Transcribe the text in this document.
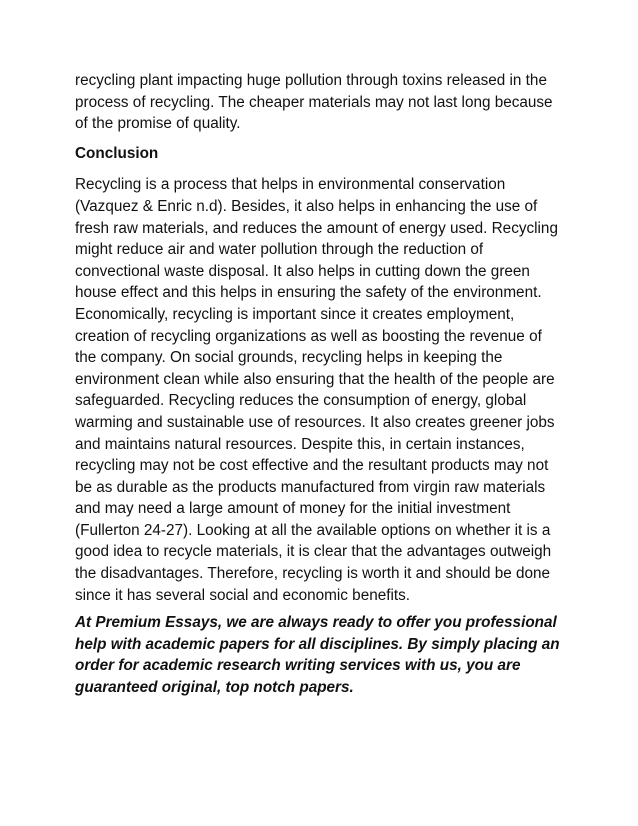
recycling plant impacting huge pollution through toxins released in the

process of recycling. The cheaper materials may not last long because

of the promise of quality.

Conclusion

Recycling is a process that helps in environmental conservation

(Vazquez & Enric n.d). Besides, it also helps in enhancing the use of

fresh raw materials, and reduces the amount of energy used. Recycling

might reduce air and water pollution through the reduction of

convectional waste disposal. It also helps in cutting down the green

house effect and this helps in ensuring the safety of the environment.

Economically, recycling is important since it creates employment,

creation of recycling organizations as well as boosting the revenue of

the company. On social grounds, recycling helps in keeping the

environment clean while also ensuring that the health of the people are

safeguarded. Recycling reduces the consumption of energy, global

warming and sustainable use of resources. It also creates greener jobs

and maintains natural resources. Despite this, in certain instances,

recycling may not be cost effective and the resultant products may not

be as durable as the products manufactured from virgin raw materials

and may need a large amount of money for the initial investment

(Fullerton 24-27). Looking at all the available options on whether it is a

good idea to recycle materials, it is clear that the advantages outweigh

the disadvantages. Therefore, recycling is worth it and should be done

since it has several social and economic benefits.

At Premium Essays, we are always ready to offer you professional

help with academic papers for all disciplines. By simply placing an

order for academic research writing services with us, you are

guaranteed original, top notch papers.
